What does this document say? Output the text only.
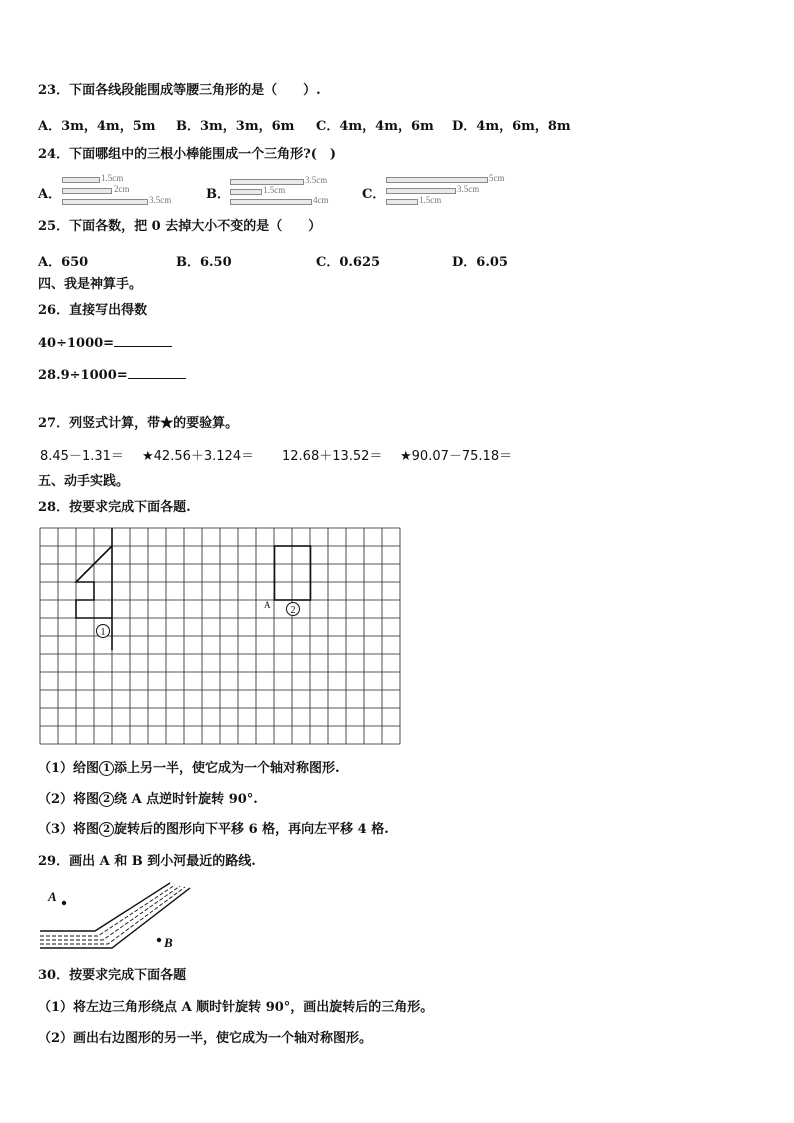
23．下面各线段能围成等腰三角形的是（　　）.
A．3m，4m，5m B．3m，3m，6m C．4m，4m，6m D．4m，6m，8m
24．下面哪组中的三根小棒能围成一个三角形?(　)
A．
1.5cm
2cm
3.5cm	B．
3.5cm
1.5cm
4cm	C．
5cm
3.5cm
1.5cm
25．下面各数，把 0 去掉大小不变的是（　　）
A．650	B．6.50	C．0.625	D．6.05
四、我是神算手。
26．直接写出得数
40÷1000=
28.9÷1000=
27．列竖式计算，带★的要验算。
8.45－1.31＝ ★42.56＋3.124＝ 12.68＋13.52＝ ★90.07－75.18＝
五、动手实践。
28．按要求完成下面各题.
A
1
2
（1）给图 1 添上另一半，使它成为一个轴对称图形.
（2）将图 2 绕 A 点逆时针旋转 90°.
（3）将图 2 旋转后的图形向下平移 6 格，再向左平移 4 格.
29．画出 A 和 B 到小河最近的路线.
A
B
30．按要求完成下面各题
（1）将左边三角形绕点 A 顺时针旋转 90°，画出旋转后的三角形。
（2）画出右边图形的另一半，使它成为一个轴对称图形。
